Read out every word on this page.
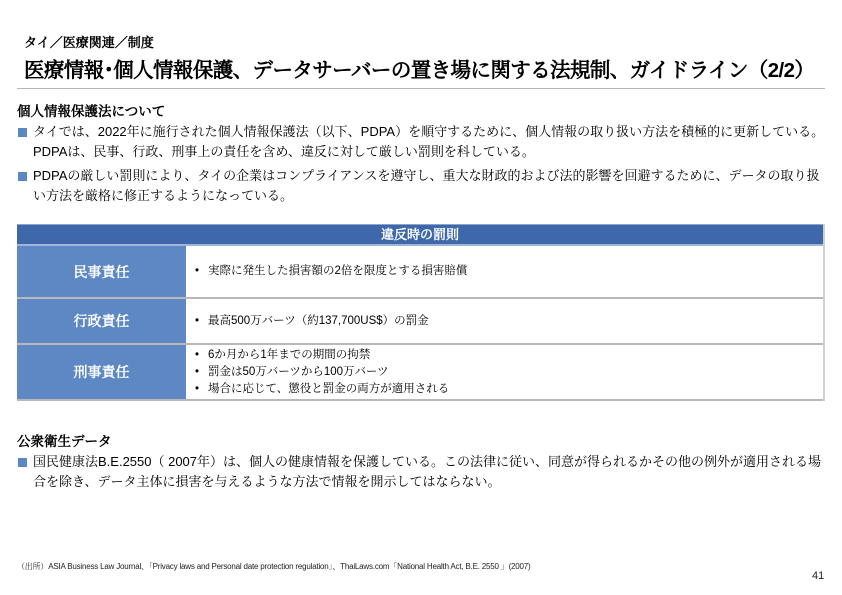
タイ／医療関連／制度
医療情報･個人情報保護、データサーバーの置き場に関する法規制、ガイドライン（2/2）
個人情報保護法について
タイでは、2022年に施行された個人情報保護法（以下、PDPA）を順守するために、個人情報の取り扱い方法を積極的に更新している。PDPAは、民事、行政、刑事上の責任を含め、違反に対して厳しい罰則を科している。
PDPAの厳しい罰則により、タイの企業はコンプライアンスを遵守し、重大な財政的および法的影響を回避するために、データの取り扱い方法を厳格に修正するようになっている。
違反時の罰則
民事責任	• 実際に発生した損害額の2倍を限度とする損害賠償
行政責任	• 最高500万バーツ（約137,700US$）の罰金
刑事責任
• 6か月から1年までの期間の拘禁
• 罰金は50万バーツから100万バーツ
• 場合に応じて、懲役と罰金の両方が適用される
公衆衛生データ
国民健康法B.E.2550（ 2007年）は、個人の健康情報を保護している。この法律に従い、同意が得られるかその他の例外が適用される場合を除き、データ主体に損害を与えるような方法で情報を開示してはならない。
（出所）ASIA Business Law Journal、「Privacy laws and Personal date protection regulation」、ThaiLaws.com「National Health Act, B.E. 2550 」(2007)
41
